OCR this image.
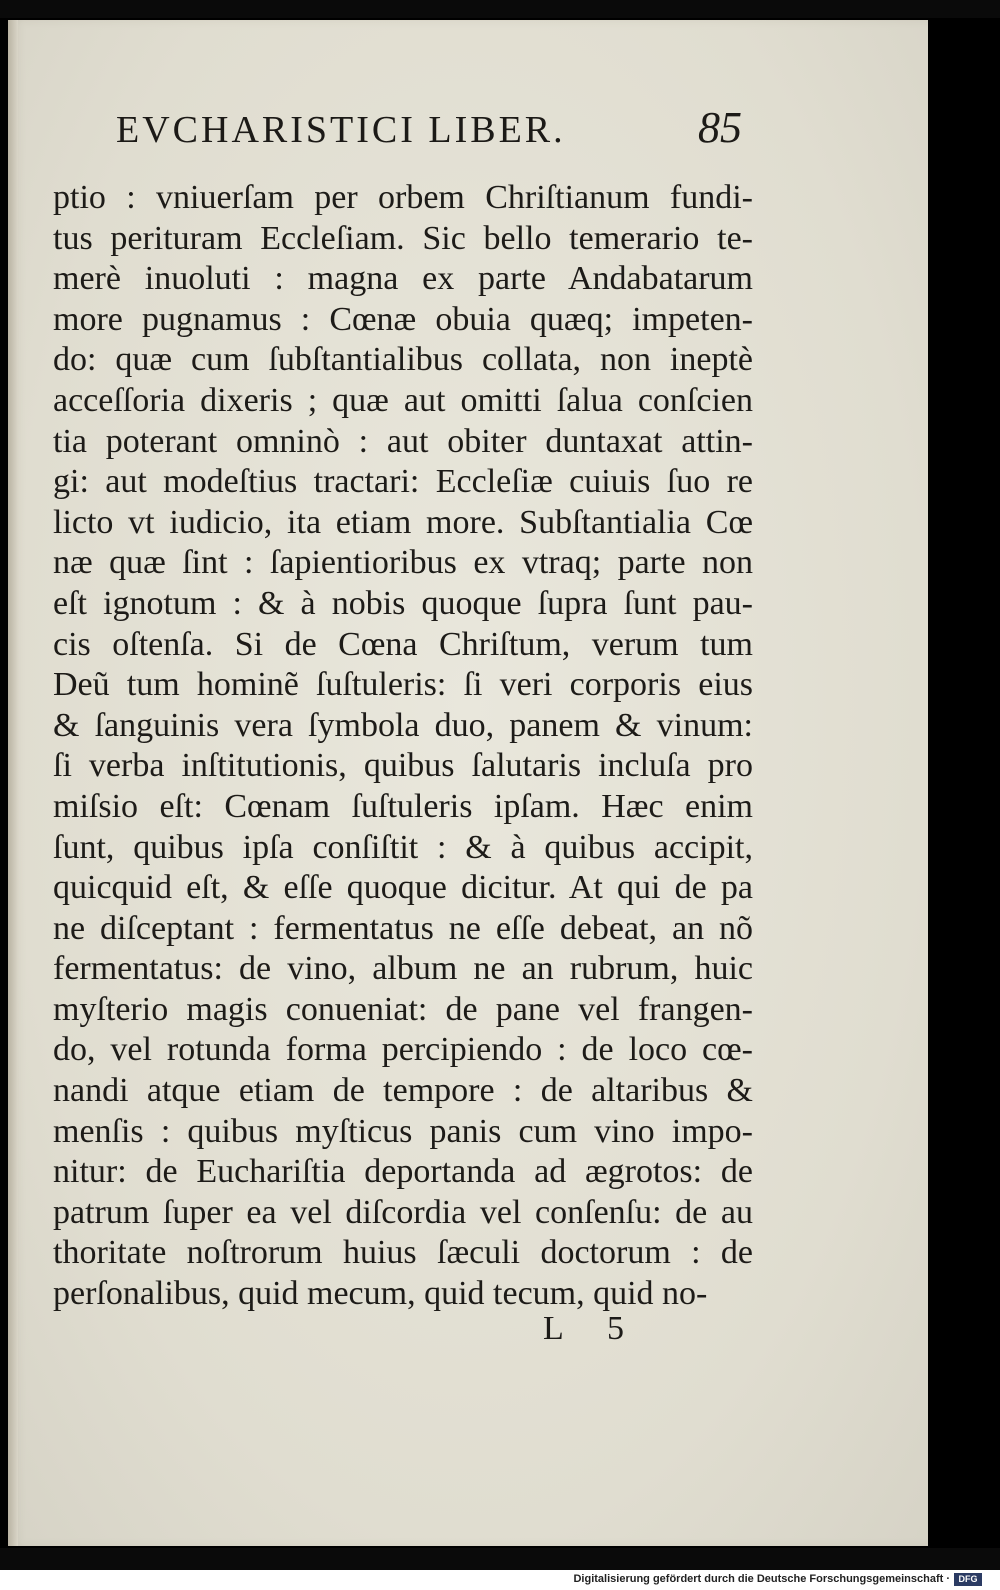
EVCHARISTICI LIBER.	85
ptio : vniuerſam per orbem Chriſtianum fundi-
tus perituram Eccleſiam. Sic bello temerario te-
merè inuoluti : magna ex parte Andabatarum
more pugnamus : Cœnæ obuia quæq; impeten-
do: quæ cum ſubſtantialibus collata, non ineptè
acceſſoria dixeris ; quæ aut omitti ſalua conſcien
tia poterant omninò : aut obiter duntaxat attin-
gi: aut modeſtius tractari: Eccleſiæ cuiuis ſuo re
licto vt iudicio, ita etiam more. Subſtantialia Cœ
næ quæ ſint : ſapientioribus ex vtraq; parte non
eſt ignotum : & à nobis quoque ſupra ſunt pau-
cis oſtenſa. Si de Cœna Chriſtum, verum tum
Deũ tum hominẽ ſuſtuleris: ſi veri corporis eius
& ſanguinis vera ſymbola duo, panem & vinum:
ſi verba inſtitutionis, quibus ſalutaris incluſa pro
miſsio eſt: Cœnam ſuſtuleris ipſam. Hæc enim
ſunt, quibus ipſa conſiſtit : & à quibus accipit,
quicquid eſt, & eſſe quoque dicitur. At qui de pa
ne diſceptant : fermentatus ne eſſe debeat, an nõ
fermentatus: de vino, album ne an rubrum, huic
myſterio magis conueniat: de pane vel frangen-
do, vel rotunda forma percipiendo : de loco cœ-
nandi atque etiam de tempore : de altaribus &
menſis : quibus myſticus panis cum vino impo-
nitur: de Euchariſtia deportanda ad ægrotos: de
patrum ſuper ea vel diſcordia vel conſenſu: de au
thoritate noſtrorum huius ſæculi doctorum : de
perſonalibus, quid mecum, quid tecum, quid no-
L 5
Digitalisierung gefördert durch die Deutsche Forschungsgemeinschaft · DFG
